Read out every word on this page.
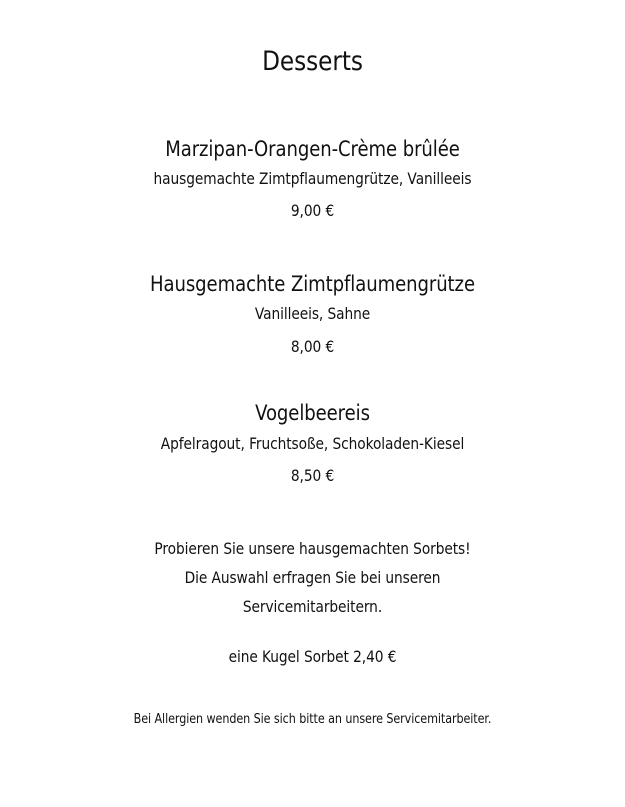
Desserts
Marzipan-Orangen-Crème brûlée
hausgemachte Zimtpflaumengrütze, Vanilleeis
9,00 €
Hausgemachte Zimtpflaumengrütze
Vanilleeis, Sahne
8,00 €
Vogelbeereis
Apfelragout, Fruchtsoße, Schokoladen-Kiesel
8,50 €
Probieren Sie unsere hausgemachten Sorbets!
Die Auswahl erfragen Sie bei unseren
Servicemitarbeitern.
eine Kugel Sorbet 2,40 €
Bei Allergien wenden Sie sich bitte an unsere Servicemitarbeiter.
